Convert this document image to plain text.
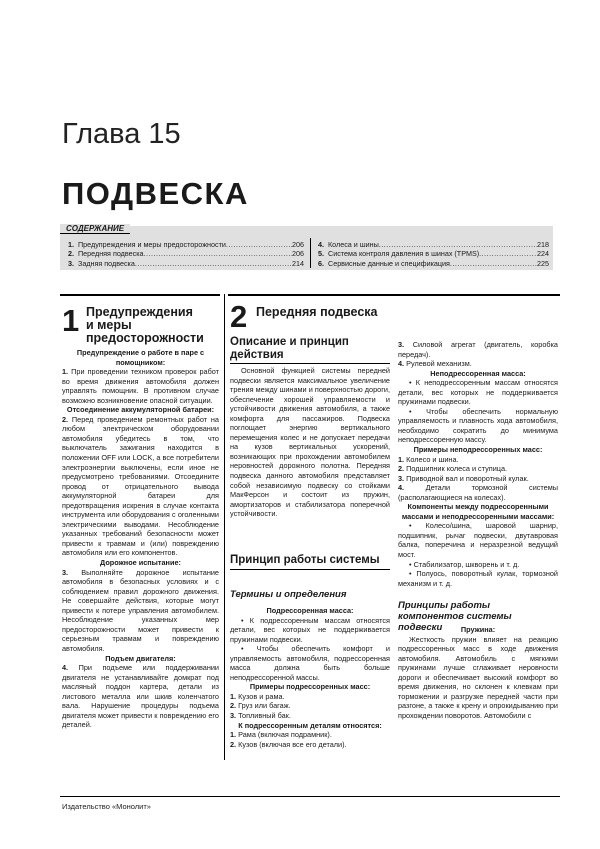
Глава 15
ПОДВЕСКА
СОДЕРЖАНИЕ
1. Предупреждения и меры предосторожности .....	206
2. Передняя подвеска .....	206
3. Задняя подвеска .....	214
4. Колеса и шины .....	218
5. Система контроля давления в шинах (TPMS) .....	224
6. Сервисные данные и спецификация .....	225
1 Предупреждения
и меры
предосторожности
2 Передняя подвеска

Предупреждение о работе в паре с помощником:

1. При проведении техником проверок работ во время движения автомобиля должен управлять помощник. В противном случае возможно возникновение опасной ситуации.

Отсоединение аккумуляторной батареи:

2. Перед проведением ремонтных работ на любом электрическом оборудовании автомобиля убедитесь в том, что выключатель зажигания находится в положении OFF или LOCK, а все потребители электроэнергии выключены, если иное не предусмотрено требованиями. Отсоедините провод от отрицательного вывода аккумуляторной батареи для предотвращения искрения в случае контакта инструмента или оборудования с оголенными электрическими выводами. Несоблюдение указанных требований безопасности может привести к травмам и (или) повреждению автомобиля или его компонентов.

Дорожное испытание:

3. Выполняйте дорожное испытание автомобиля в безопасных условиях и с соблюдением правил дорожного движения. Не совершайте действия, которые могут привести к потере управления автомобилем. Несоблюдение указанных мер предосторожности может привести к серьезным травмам и повреждению автомобиля.

Подъем двигателя:

4. При подъеме или поддерживании двигателя не устанавливайте домкрат под масляный поддон картера, детали из листового металла или шкив коленчатого вала. Нарушение процедуры подъема двигателя может привести к повреждению его деталей.

Описание и принцип действия

Основной функцией системы передней подвески является максимальное увеличение трения между шинами и поверхностью дороги, обеспечение хорошей управляемости и устойчивости движения автомобиля, а также комфорта для пассажиров. Подвеска поглощает энергию вертикального перемещения колес и не допускает передачи на кузов вертикальных ускорений, возникающих при прохождении автомобилем неровностей дорожного полотна. Передняя подвеска данного автомобиля представляет собой независимую подвеску со стойками МакФерсон и состоит из пружин, амортизаторов и стабилизатора поперечной устойчивости.

Принцип работы системы
Термины и определения

Подрессоренная масса:

• К подрессоренным массам относятся детали, вес которых не поддерживается пружинами подвески.

• Чтобы обеспечить комфорт и управляемость автомобиля, подрессоренная масса должна быть больше неподрессоренной массы.

Примеры подрессоренных масс:

1. Кузов и рама.

2. Груз или багаж.

3. Топливный бак.

К подрессоренным деталям относятся:

1. Рама (включая подрамник).

2. Кузов (включая все его детали).

3. Силовой агрегат (двигатель, коробка передач).

4. Рулевой механизм.

Неподрессоренная масса:

• К неподрессоренным массам относятся детали, вес которых не поддерживается пружинами подвески.

• Чтобы обеспечить нормальную управляемость и плавность хода автомобиля, необходимо сократить до минимума неподрессоренную массу.

Примеры неподрессоренных масс:

1. Колесо и шина.

2. Подшипник колеса и ступица.

3. Приводной вал и поворотный кулак.

4. Детали тормозной системы (располагающиеся на колесах).

Компоненты между подрессоренными массами и неподрессоренными массами:

• Колесо/шина, шаровой шарнир, подшипник, рычаг подвески, двутавровая балка, поперечина и неразрезной ведущий мост.

• Стабилизатор, шкворень и т. д.

• Полуось, поворотный кулак, тормозной механизм и т. д.

Принципы работы компонентов системы подвески	Пружина:

Жесткость пружин влияет на реакцию подрессоренных масс в ходе движения автомобиля. Автомобиль с мягкими пружинами лучше сглаживает неровности дороги и обеспечивает высокий комфорт во время движения, но склонен к клевкам при торможении и разгрузке передней части при разгоне, а также к крену и опрокидыванию при прохождении поворотов. Автомобили с

Издательство «Монолит»
